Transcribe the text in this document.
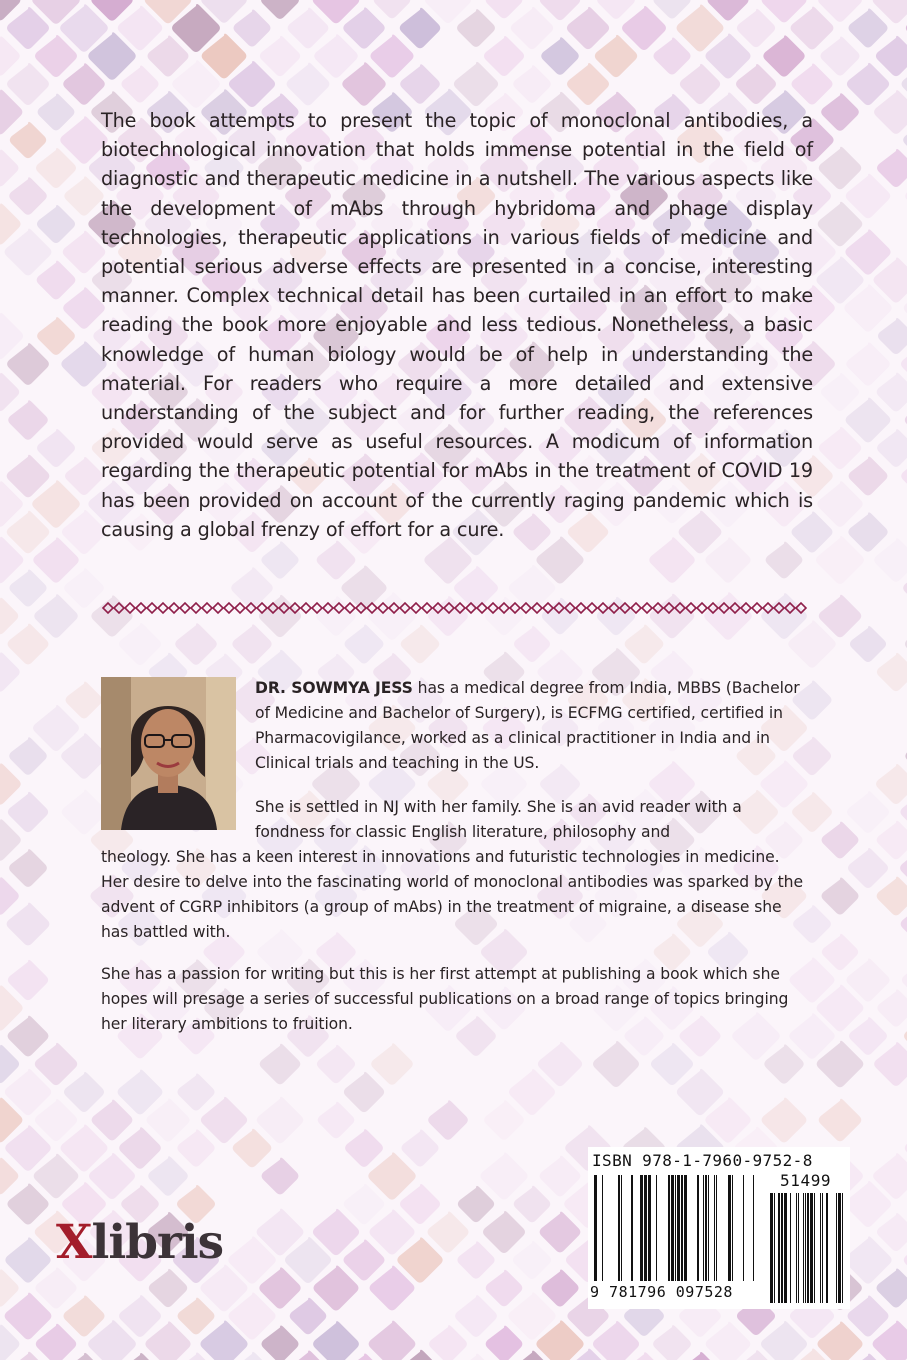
The book attempts to present the topic of monoclonal antibodies, a biotechnological innovation that holds immense potential in the field of diagnostic and therapeutic medicine in a nutshell. The various aspects like the development of mAbs through hybridoma and phage display technologies, therapeutic applications in various fields of medicine and potential serious adverse effects are presented in a concise, interesting manner. Complex technical detail has been curtailed in an effort to make reading the book more enjoyable and less tedious. Nonetheless, a basic knowledge of human biology would be of help in understanding the material. For readers who require a more detailed and extensive understanding of the subject and for further reading, the references provided would serve as useful resources. A modicum of information regarding the therapeutic potential for mAbs in the treatment of COVID 19 has been provided on account of the currently raging pandemic which is causing a global frenzy of effort for a cure.

DR. SOWMYA JESS has a medical degree from India, MBBS (Bachelor of Medicine and Bachelor of Surgery), is ECFMG certified, certified in Pharmacovigilance, worked as a clinical practitioner in India and in Clinical trials and teaching in the US.

She is settled in NJ with her family. She is an avid reader with a fondness for classic English literature, philosophy and

theology. She has a keen interest in innovations and futuristic technologies in medicine. Her desire to delve into the fascinating world of monoclonal antibodies was sparked by the advent of CGRP inhibitors (a group of mAbs) in the treatment of migraine, a disease she has battled with.

She has a passion for writing but this is her first attempt at publishing a book which she hopes will presage a series of successful publications on a broad range of topics bringing her literary ambitions to fruition.

Xlibris
ISBN 978-1-7960-9752-8
51499
9 781796 097528
